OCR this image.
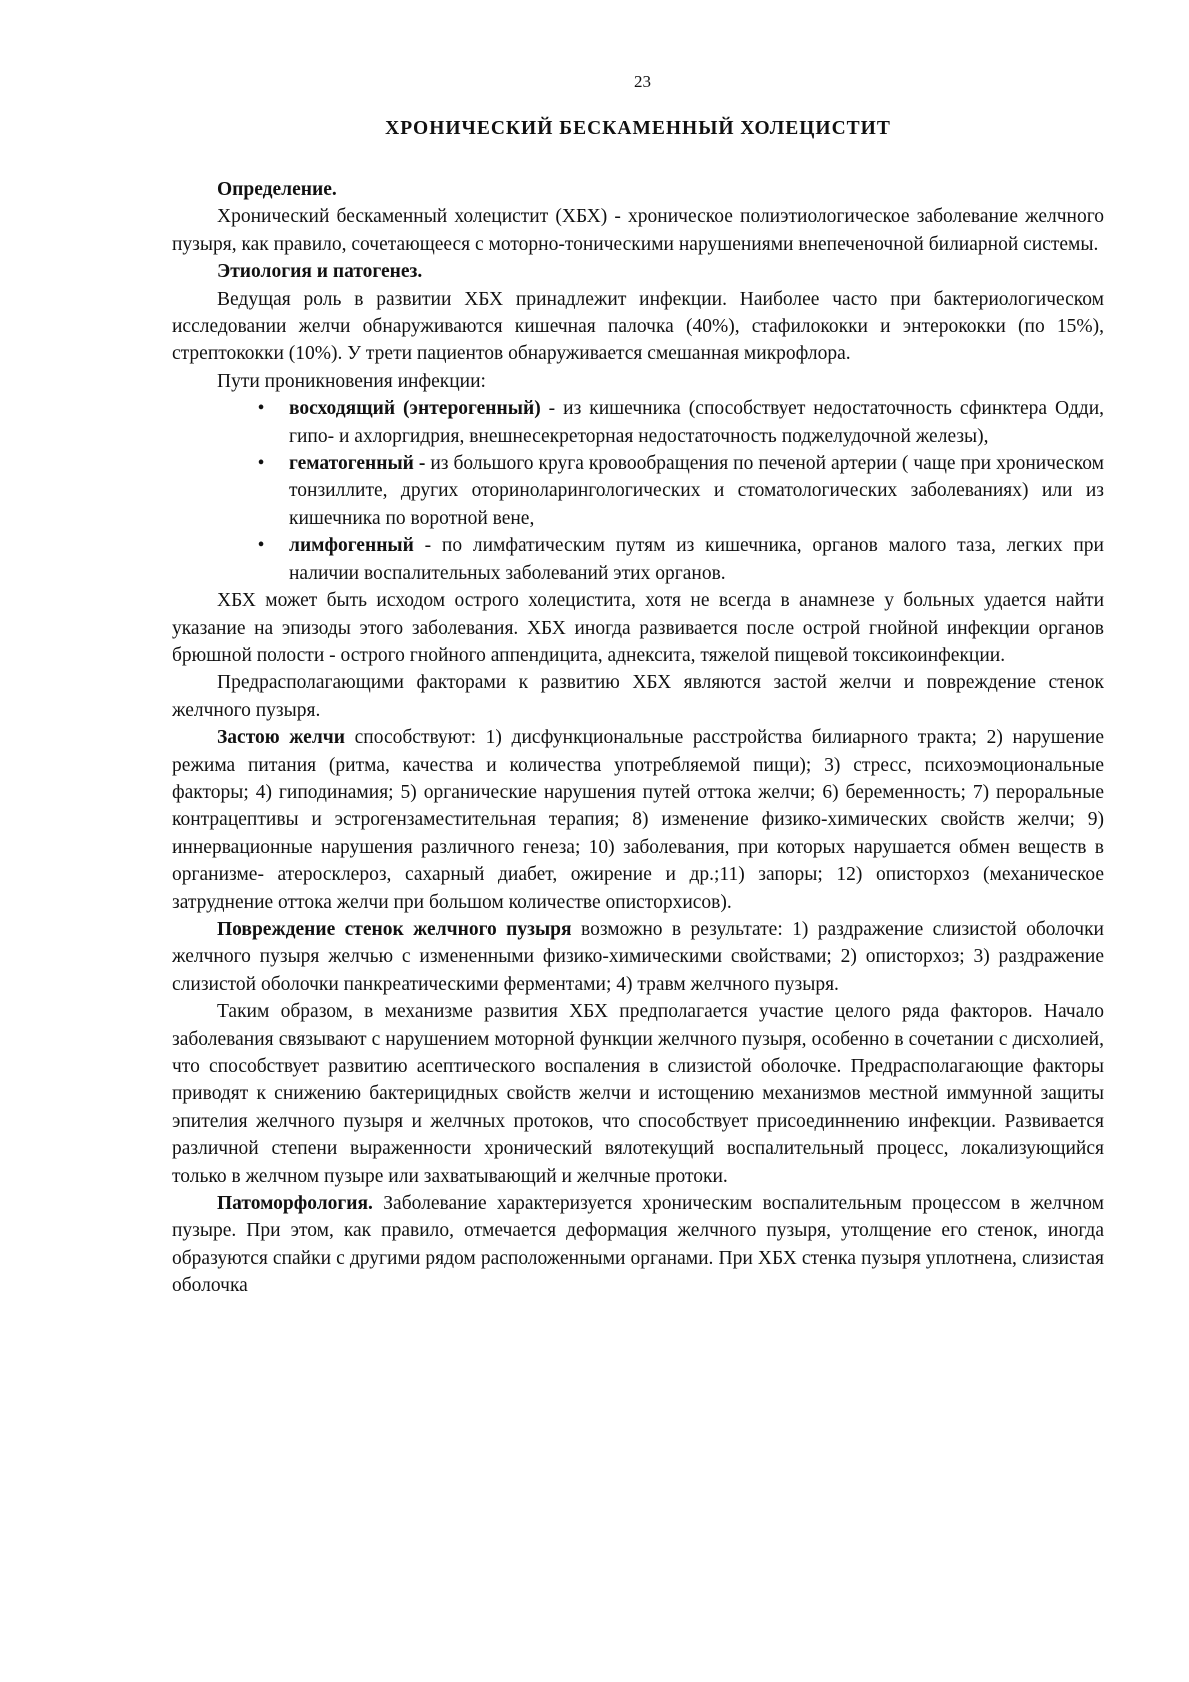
23
ХРОНИЧЕСКИЙ БЕСКАМЕННЫЙ ХОЛЕЦИСТИТ

Определение.

Хронический бескаменный холецистит (ХБХ) - хроническое полиэтиологическое заболевание желчного пузыря, как правило, сочетающееся с моторно-тоническими нарушениями внепеченочной билиарной системы.

Этиология и патогенез.

Ведущая роль в развитии ХБХ принадлежит инфекции. Наиболее часто при бактериологическом исследовании желчи обнаруживаются кишечная палочка (40%), стафилококки и энтерококки (по 15%), стрептококки (10%). У трети пациентов обнаруживается смешанная микрофлора.

Пути проникновения инфекции:

•	восходящий (энтерогенный) - из кишечника (способствует недостаточность сфинктера Одди, гипо- и ахлоргидрия, внешнесекреторная недостаточность поджелудочной железы),
•	гематогенный - из большого круга кровообращения по печеной артерии ( чаще при хроническом тонзиллите, других оториноларингологических и стоматологических заболеваниях) или из кишечника по воротной вене,
•	лимфогенный - по лимфатическим путям из кишечника, органов малого таза, легких при наличии воспалительных заболеваний этих органов.

ХБХ может быть исходом острого холецистита, хотя не всегда в анамнезе у больных удается найти указание на эпизоды этого заболевания. ХБХ иногда развивается после острой гнойной инфекции органов брюшной полости - острого гнойного аппендицита, аднексита, тяжелой пищевой токсикоинфекции.

Предрасполагающими факторами к развитию ХБХ являются застой желчи и повреждение стенок желчного пузыря.

Застою желчи способствуют: 1) дисфункциональные расстройства билиарного тракта; 2) нарушение режима питания (ритма, качества и количества употребляемой пищи); 3) стресс, психоэмоциональные факторы; 4) гиподинамия; 5) органические нарушения путей оттока желчи; 6) беременность; 7) пероральные контрацептивы и эстрогензаместительная терапия; 8) изменение физико-химических свойств желчи; 9) иннервационные нарушения различного генеза; 10) заболевания, при которых нарушается обмен веществ в организме- атеросклероз, сахарный диабет, ожирение и др.;11) запоры; 12) описторхоз (механическое затруднение оттока желчи при большом количестве описторхисов).

Повреждение стенок желчного пузыря возможно в результате: 1) раздражение слизистой оболочки желчного пузыря желчью с измененными физико-химическими свойствами; 2) описторхоз; 3) раздражение слизистой оболочки панкреатическими ферментами; 4) травм желчного пузыря.

Таким образом, в механизме развития ХБХ предполагается участие целого ряда факторов. Начало заболевания связывают с нарушением моторной функции желчного пузыря, особенно в сочетании с дисхолией, что способствует развитию асептического воспаления в слизистой оболочке. Предрасполагающие факторы приводят к снижению бактерицидных свойств желчи и истощению механизмов местной иммунной защиты эпителия желчного пузыря и желчных протоков, что способствует присоединнению инфекции. Развивается различной степени выраженности хронический вялотекущий воспалительный процесс, локализующийся только в желчном пузыре или захватывающий и желчные протоки.

Патоморфология. Заболевание характеризуется хроническим воспалительным процессом в желчном пузыре. При этом, как правило, отмечается деформация желчного пузыря, утолщение его стенок, иногда образуются спайки с другими рядом расположенными органами. При ХБХ стенка пузыря уплотнена, слизистая оболочка
